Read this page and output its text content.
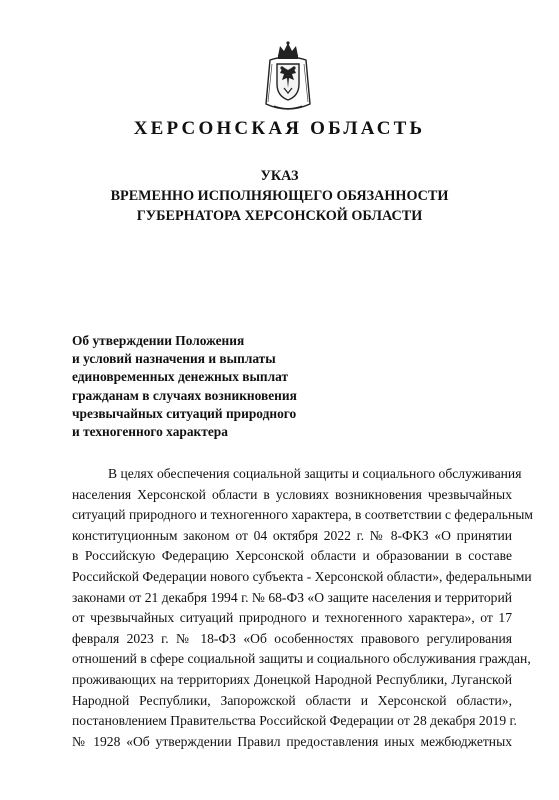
ХЕРСОНСКАЯ ОБЛАСТЬ
УКАЗ
ВРЕМЕННО ИСПОЛНЯЮЩЕГО ОБЯЗАННОСТИ
ГУБЕРНАТОРА ХЕРСОНСКОЙ ОБЛАСТИ
Об утверждении Положения
и условий назначения и выплаты
единовременных денежных выплат
гражданам в случаях возникновения
чрезвычайных ситуаций природного
и техногенного характера
В целях обеспечения социальной защиты и социального обслуживания
населения Херсонской области в условиях возникновения чрезвычайных
ситуаций природного и техногенного характера, в соответствии с федеральным
конституционным законом от 04 октября 2022 г. № 8-ФКЗ «О принятии
в Российскую Федерацию Херсонской области и образовании в составе
Российской Федерации нового субъекта - Херсонской области», федеральными
законами от 21 декабря 1994 г. № 68-ФЗ «О защите населения и территорий
от чрезвычайных ситуаций природного и техногенного характера», от 17
февраля 2023 г. № 18-ФЗ «Об особенностях правового регулирования
отношений в сфере социальной защиты и социального обслуживания граждан,
проживающих на территориях Донецкой Народной Республики, Луганской
Народной Республики, Запорожской области и Херсонской области»,
постановлением Правительства Российской Федерации от 28 декабря 2019 г.
№ 1928 «Об утверждении Правил предоставления иных межбюджетных
